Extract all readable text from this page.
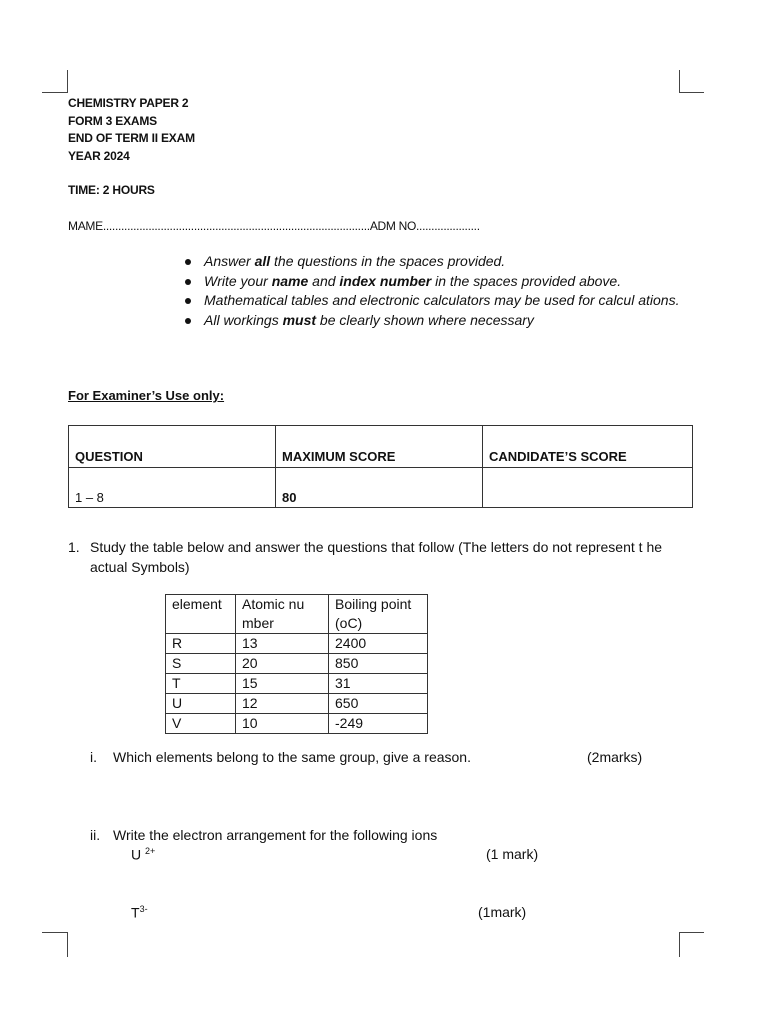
CHEMISTRY PAPER 2
FORM 3 EXAMS
END OF TERM II EXAM
YEAR 2024
TIME: 2 HOURS
MAME........................................................................................ADM NO.....................
Answer all the questions in the spaces provided.
Write your name and index number in the spaces provided above.
Mathematical tables and electronic calculators may be used for calcul ations.
All workings must be clearly shown where necessary
For Examiner’s Use only:
QUESTION	MAXIMUM SCORE	CANDIDATE’S SCORE
1 – 8	80	
1. Study the table below and answer the questions that follow (The letters do not represent t he actual Symbols)
element	Atomic nu mber	Boiling point (oC)
R	13	2400
S	20	850
T	15	31
U	12	650
V	10	-249
i. Which elements belong to the same group, give a reason.	(2marks)
ii. Write the electron arrangement for the following ions
U $^{2+}$	(1 mark)
$T^{3-}$	(1mark)
